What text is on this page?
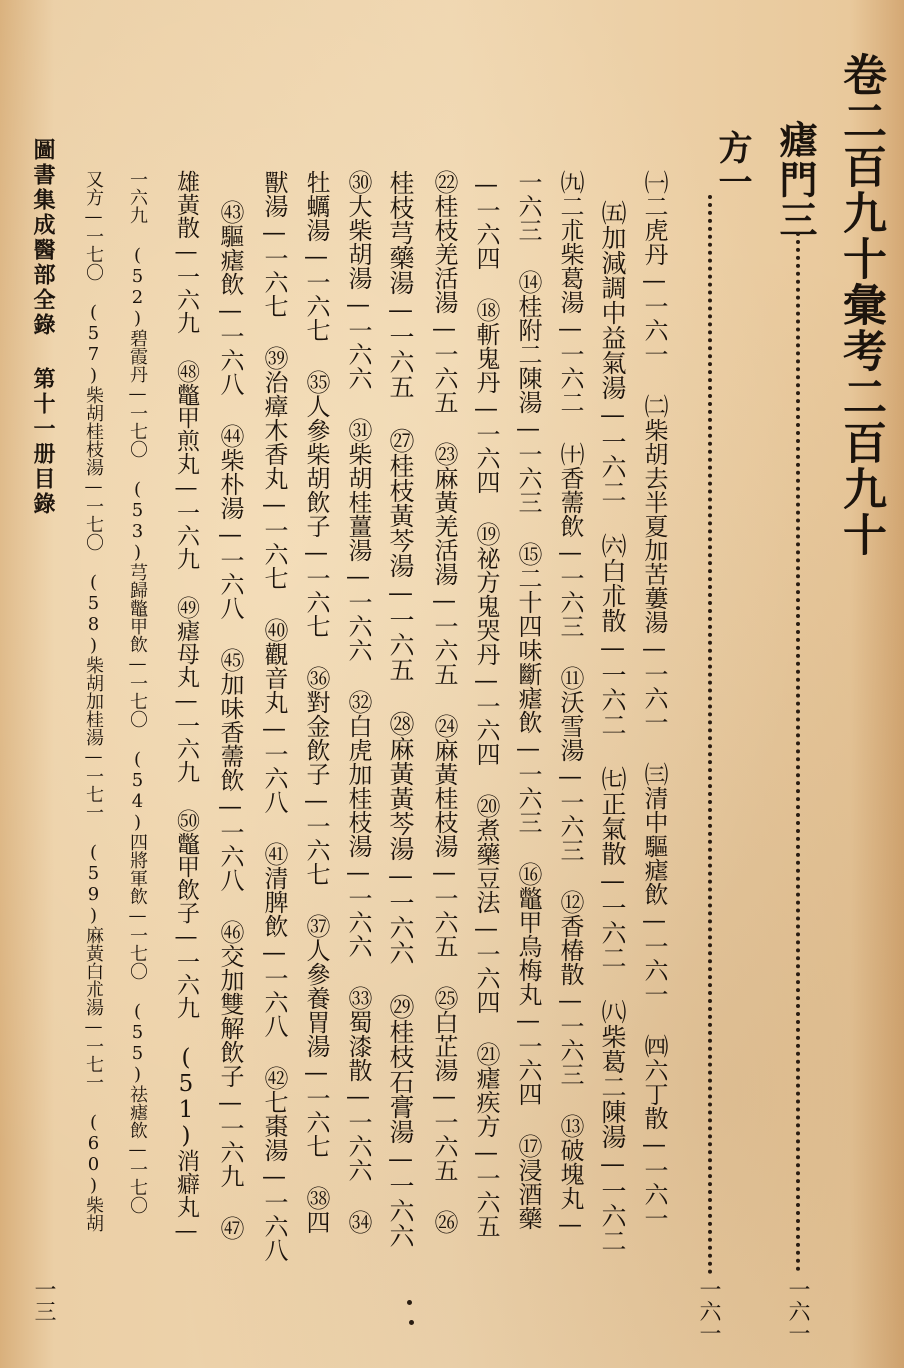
卷二百九十彙考二百九十
瘧門三
一六一
方一
一六一
㈠二虎丹—一六一 ㈡柴胡去半夏加苦蔞湯—一六一 ㈢清中驅瘧飲—一六一 ㈣六丁散—一六一
㈤加減調中益氣湯—一六二 ㈥白朮散—一六二 ㈦正氣散—一六二 ㈧柴葛二陳湯—一六二
㈨二朮柴葛湯—一六二 ㈩香薷飲—一六三 ⑪沃雪湯—一六三 ⑫香椿散—一六三 ⑬破塊丸—
一六三 ⑭桂附二陳湯—一六三 ⑮二十四味斷瘧飲—一六三 ⑯鼈甲烏梅丸—一六四 ⑰浸酒藥
—一六四 ⑱斬鬼丹—一六四 ⑲祕方鬼哭丹—一六四 ⑳煮藥豆法—一六四 ㉑瘧疾方—一六五
㉒桂枝羌活湯—一六五 ㉓麻黃羌活湯—一六五 ㉔麻黃桂枝湯—一六五 ㉕白芷湯—一六五 ㉖
桂枝芎藥湯—一六五 ㉗桂枝黃芩湯—一六五 ㉘麻黃黃芩湯—一六六 ㉙桂枝石膏湯—一六六
㉚大柴胡湯—一六六 ㉛柴胡桂薑湯—一六六 ㉜白虎加桂枝湯—一六六 ㉝蜀漆散—一六六 ㉞
牡蠣湯—一六七 ㉟人參柴胡飲子—一六七 ㊱對金飲子—一六七 ㊲人參養胃湯—一六七 ㊳四
獸湯—一六七 ㊴治瘴木香丸—一六七 ㊵觀音丸—一六八 ㊶清脾飲—一六八 ㊷七棗湯—一六八
㊸驅瘧飲—一六八 ㊹柴朴湯—一六八 ㊺加味香薷飲—一六八 ㊻交加雙解飲子—一六九 ㊼
雄黃散—一六九 ㊽鼈甲煎丸—一六九 ㊾瘧母丸—一六九 ㊿鼈甲飲子—一六九 (51)消癖丸—
一六九 (52)碧霞丹—一七〇 (53)芎歸鼈甲飲—一七〇 (54)四將軍飲—一七〇 (55)祛瘧飲—一七〇
又方—一七〇 (57)柴胡桂枝湯—一七〇 (58)柴胡加桂湯—一七一 (59)麻黃白朮湯—一七一 (60)柴胡
圖書集成醫部全錄 第十一册目錄
一三
